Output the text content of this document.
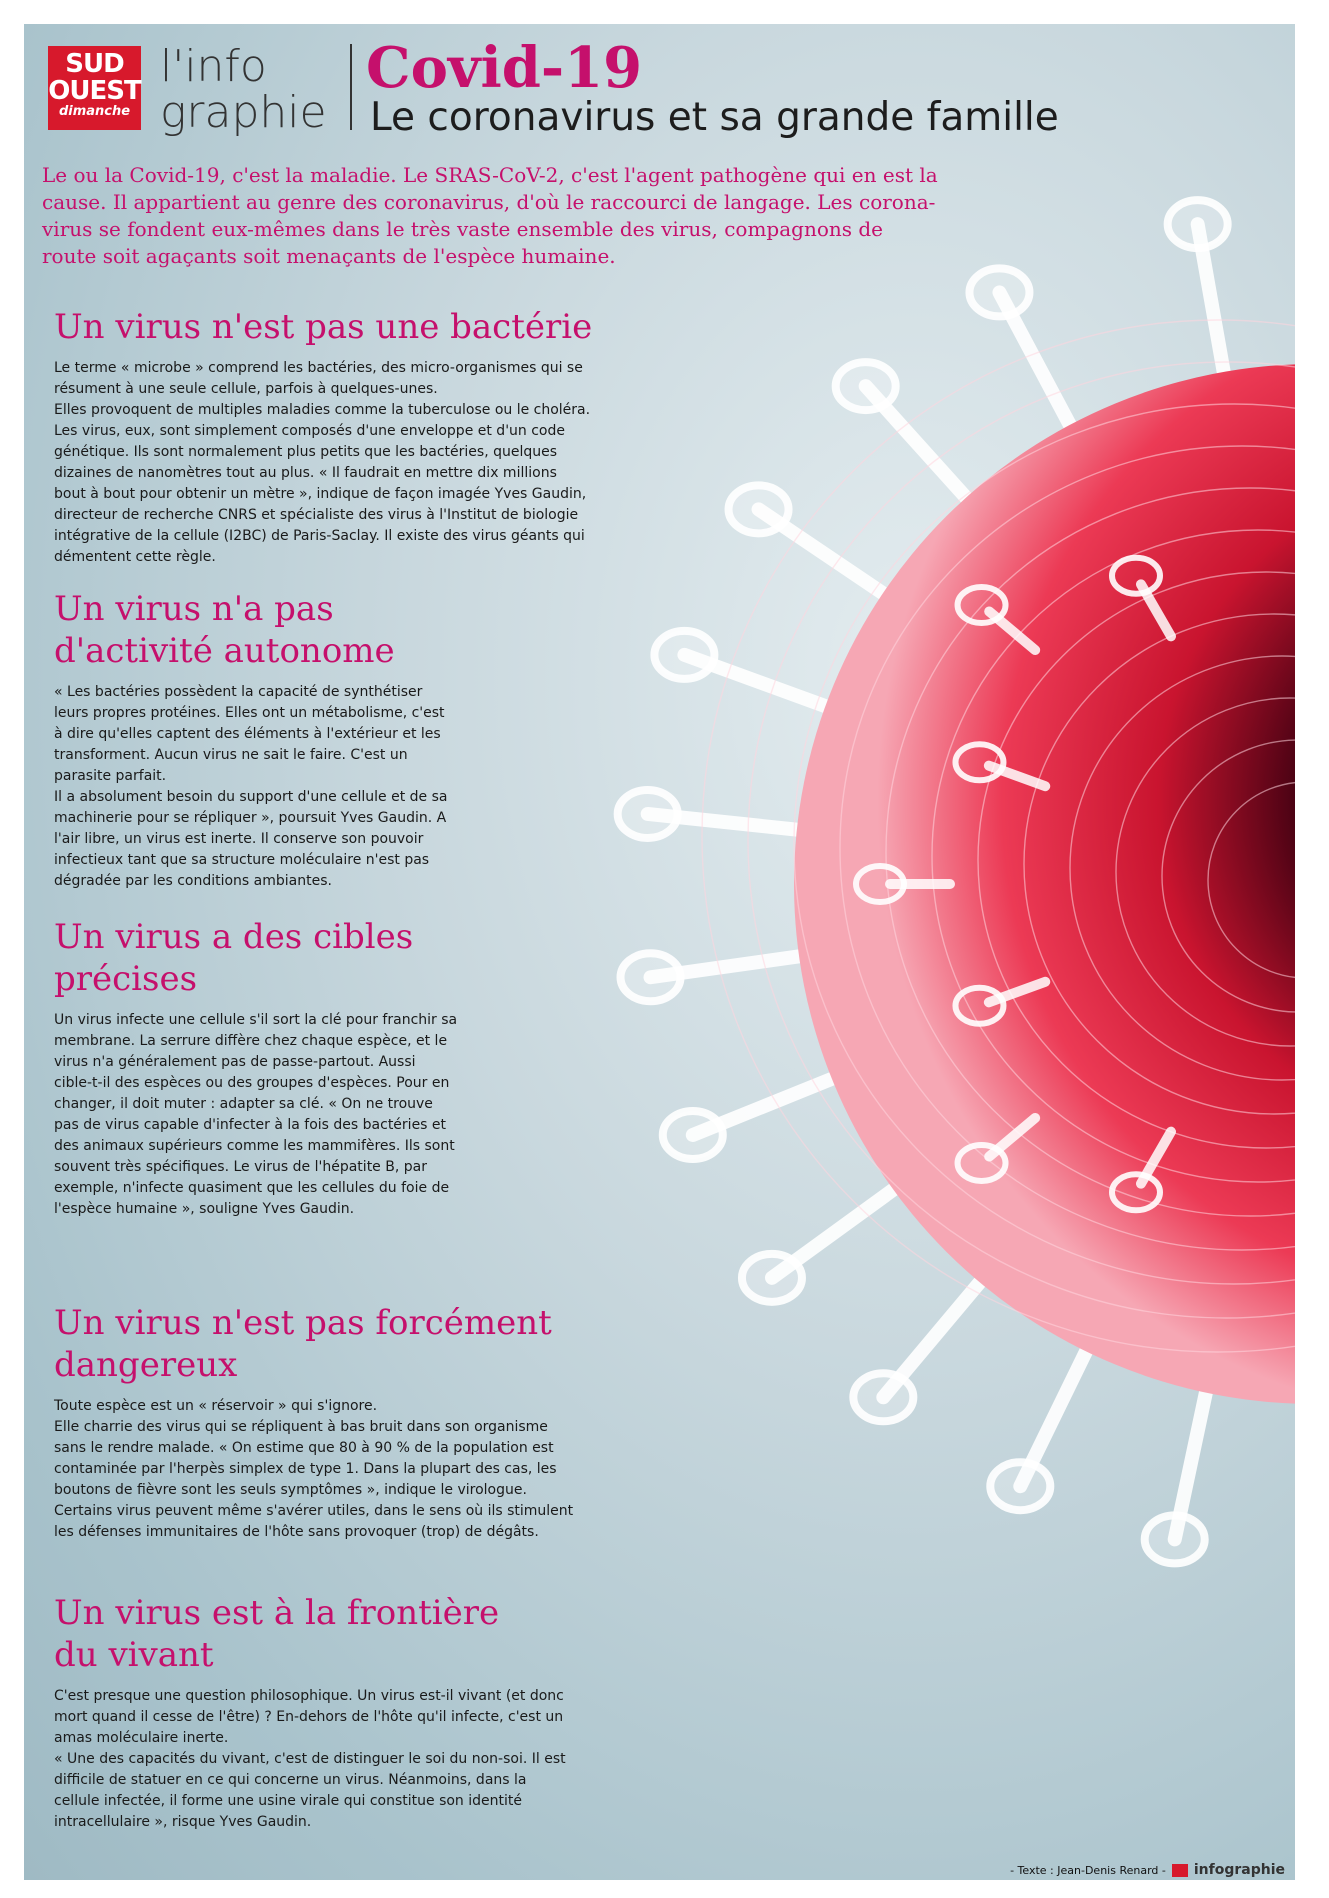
SUD
OUEST
dimanche
l'info
graphie
Covid-19
Le coronavirus et sa grande famille

Le ou la Covid-19, c'est la maladie. Le SRAS-CoV-2, c'est l'agent pathogène qui en est la
cause. Il appartient au genre des coronavirus, d'où le raccourci de langage. Les corona-
virus se fondent eux-mêmes dans le très vaste ensemble des virus, compagnons de
route soit agaçants soit menaçants de l'espèce humaine.

Un virus n'est pas une bactérie

Le terme « microbe » comprend les bactéries, des micro-organismes qui se
résument à une seule cellule, parfois à quelques-unes.
Elles provoquent de multiples maladies comme la tuberculose ou le choléra.
Les virus, eux, sont simplement composés d'une enveloppe et d'un code
génétique. Ils sont normalement plus petits que les bactéries, quelques
dizaines de nanomètres tout au plus. « Il faudrait en mettre dix millions
bout à bout pour obtenir un mètre », indique de façon imagée Yves Gaudin,
directeur de recherche CNRS et spécialiste des virus à l'Institut de biologie
intégrative de la cellule (I2BC) de Paris-Saclay. Il existe des virus géants qui
démentent cette règle.

Un virus n'a pas
d'activité autonome

« Les bactéries possèdent la capacité de synthétiser
leurs propres protéines. Elles ont un métabolisme, c'est
à dire qu'elles captent des éléments à l'extérieur et les
transforment. Aucun virus ne sait le faire. C'est un
parasite parfait.
Il a absolument besoin du support d'une cellule et de sa
machinerie pour se répliquer », poursuit Yves Gaudin. A
l'air libre, un virus est inerte. Il conserve son pouvoir
infectieux tant que sa structure moléculaire n'est pas
dégradée par les conditions ambiantes.

Un virus a des cibles
précises

Un virus infecte une cellule s'il sort la clé pour franchir sa
membrane. La serrure diffère chez chaque espèce, et le
virus n'a généralement pas de passe-partout. Aussi
cible-t-il des espèces ou des groupes d'espèces. Pour en
changer, il doit muter : adapter sa clé. « On ne trouve
pas de virus capable d'infecter à la fois des bactéries et
des animaux supérieurs comme les mammifères. Ils sont
souvent très spécifiques. Le virus de l'hépatite B, par
exemple, n'infecte quasiment que les cellules du foie de
l'espèce humaine », souligne Yves Gaudin.

Un virus n'est pas forcément
dangereux

Toute espèce est un « réservoir » qui s'ignore.
Elle charrie des virus qui se répliquent à bas bruit dans son organisme
sans le rendre malade. « On estime que 80 à 90 % de la population est
contaminée par l'herpès simplex de type 1. Dans la plupart des cas, les
boutons de fièvre sont les seuls symptômes », indique le virologue.
Certains virus peuvent même s'avérer utiles, dans le sens où ils stimulent
les défenses immunitaires de l'hôte sans provoquer (trop) de dégâts.

Un virus est à la frontière
du vivant

C'est presque une question philosophique. Un virus est-il vivant (et donc
mort quand il cesse de l'être) ? En-dehors de l'hôte qu'il infecte, c'est un
amas moléculaire inerte.
« Une des capacités du vivant, c'est de distinguer le soi du non-soi. Il est
difficile de statuer en ce qui concerne un virus. Néanmoins, dans la
cellule infectée, il forme une usine virale qui constitue son identité
intracellulaire », risque Yves Gaudin.

- Texte : Jean-Denis Renard - infographie
